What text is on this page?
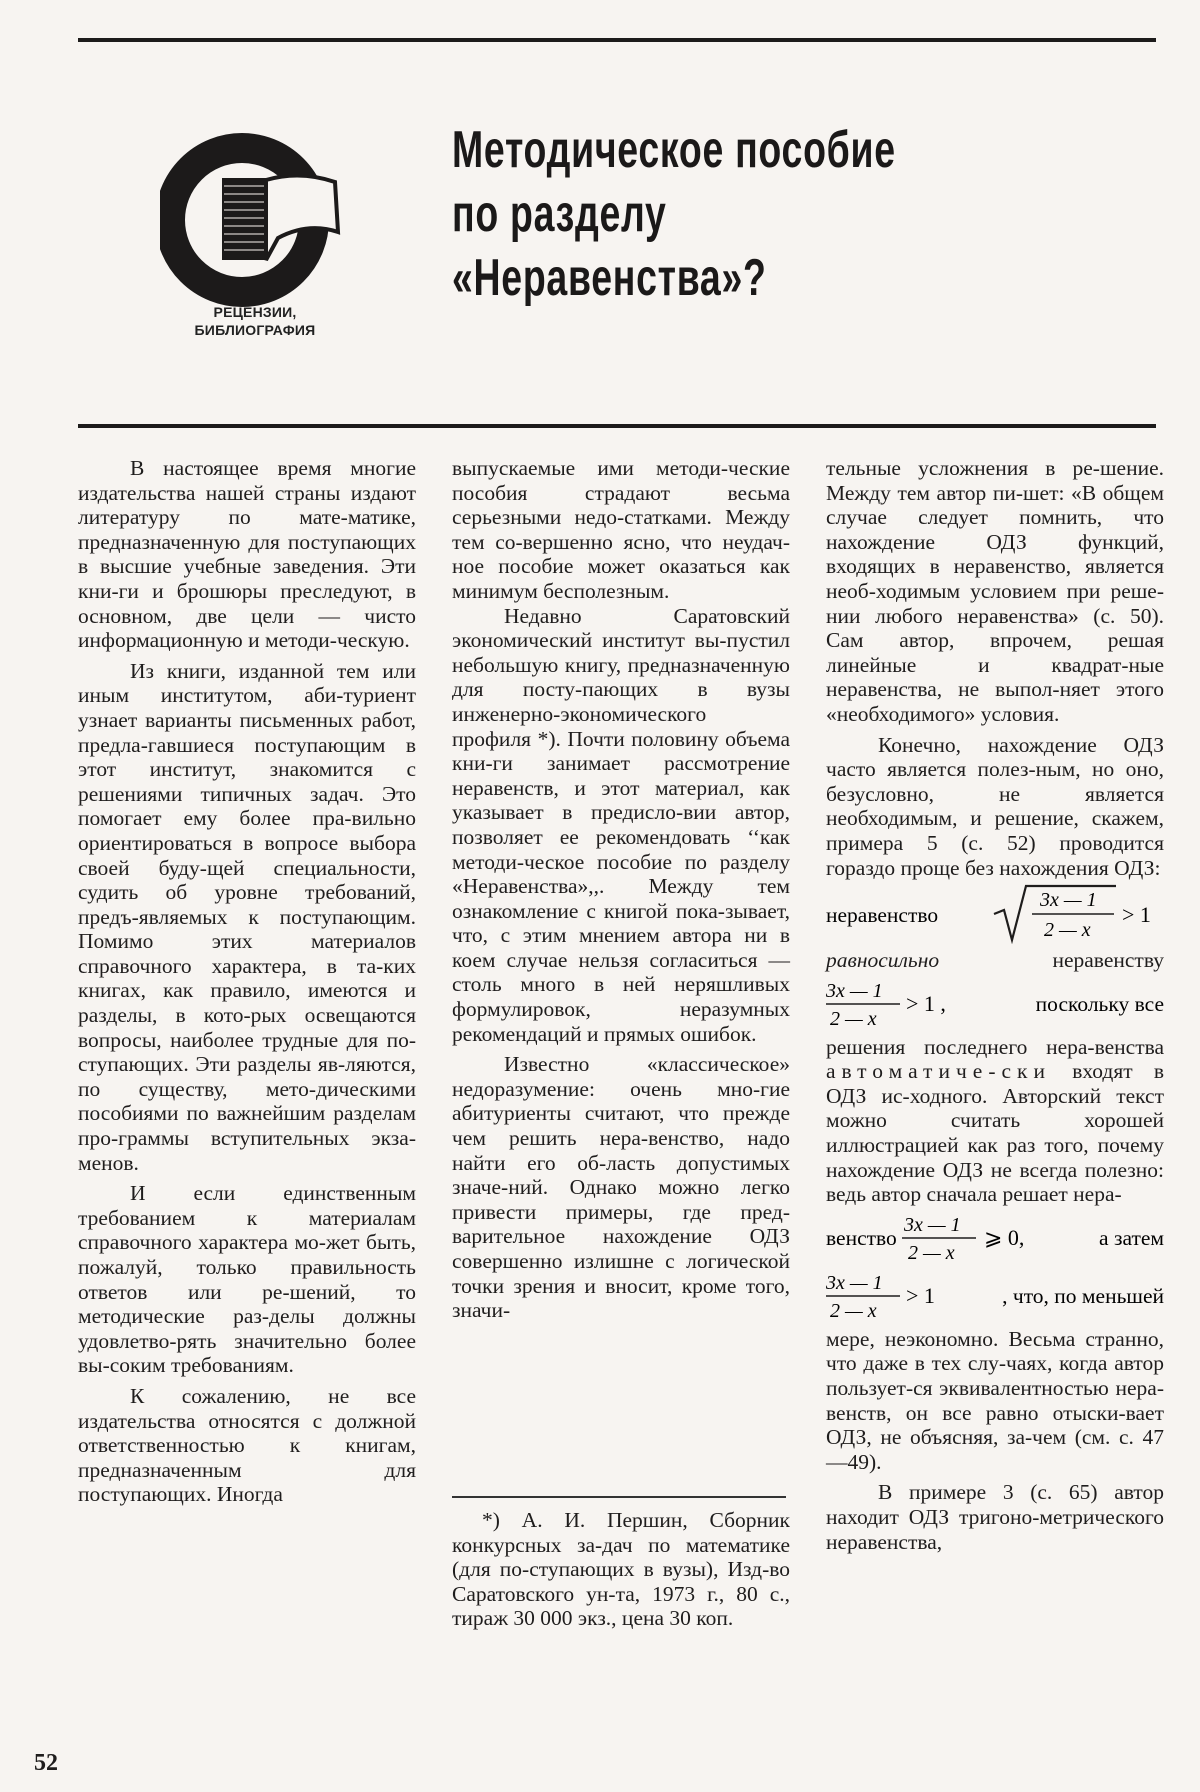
РЕЦЕНЗИИ,
БИБЛИОГРАФИЯ
Методическое пособие
по разделу
«Неравенства»?

В настоящее время многие издательства нашей страны издают литературу по мате-матике, предназначенную для поступающих в высшие учебные заведения. Эти кни-ги и брошюры преследуют, в основном, две цели — чисто информационную и методи-ческую.

Из книги, изданной тем или иным институтом, аби-туриент узнает варианты письменных работ, предла-гавшиеся поступающим в этот институт, знакомится с решениями типичных задач. Это помогает ему более пра-вильно ориентироваться в вопросе выбора своей буду-щей специальности, судить об уровне требований, предъ-являемых к поступающим. Помимо этих материалов справочного характера, в та-ких книгах, как правило, имеются и разделы, в кото-рых освещаются вопросы, наиболее трудные для по-ступающих. Эти разделы яв-ляются, по существу, мето-дическими пособиями по важнейшим разделам про-граммы вступительных экза-менов.

И если единственным требованием к материалам справочного характера мо-жет быть, пожалуй, только правильность ответов или ре-шений, то методические раз-делы должны удовлетво-рять значительно более вы-соким требованиям.

К сожалению, не все издательства относятся с должной ответственностью к книгам, предназначенным для поступающих. Иногда

выпускаемые ими методи-ческие пособия страдают весьма серьезными недо-статками. Между тем со-вершенно ясно, что неудач-ное пособие может оказаться как минимум бесполезным.

Недавно Саратовский экономический институт вы-пустил небольшую книгу, предназначенную для посту-пающих в вузы инженерно-экономического профиля *). Почти половину объема кни-ги занимает рассмотрение неравенств, и этот материал, как указывает в предисло-вии автор, позволяет ее рекомендовать ‘‘как методи-ческое пособие по разделу «Неравенства»,,. Между тем ознакомление с книгой пока-зывает, что, с этим мнением автора ни в коем случае нельзя согласиться — столь много в ней неряшливых формулировок, неразумных рекомендаций и прямых ошибок.

Известно «классическое» недоразумение: очень мно-гие абитуриенты считают, что прежде чем решить нера-венство, надо найти его об-ласть допустимых значе-ний. Однако можно легко привести примеры, где пред-варительное нахождение ОДЗ совершенно излишне с логической точки зрения и вносит, кроме того, значи-

*) А. И. Першин, Сборник конкурсных за-дач по математике (для по-ступающих в вузы), Изд-во Саратовского ун-та, 1973 г., 80 с., тираж 30 000 экз., цена 30 коп.

тельные усложнения в ре-шение. Между тем автор пи-шет: «В общем случае следует помнить, что нахождение ОДЗ функций, входящих в неравенство, является необ-ходимым условием при реше-нии любого неравенства» (с. 50). Сам автор, впрочем, решая линейные и квадрат-ные неравенства, не выпол-няет этого «необходимого» условия.

Конечно, нахождение ОДЗ часто является полез-ным, но оно, безусловно, не является необходимым, и решение, скажем, примера 5 (с. 52) проводится гораздо проще без нахождения ОДЗ:

неравенство
3x — 1
2 — x
> 1

равносильно	неравенству

3x — 1
2 — x
> 1 ,	поскольку все

решения последнего нера-венства автоматиче-ски входят в ОДЗ ис-ходного. Авторский текст можно считать хорошей иллюстрацией как раз того, почему нахождение ОДЗ не всегда полезно: ведь автор сначала решает нера-

венство
3x — 1
2 — x
⩾ 0,	а затем
3x — 1
2 — x
> 1	, что, по меньшей

мере, неэкономно. Весьма странно, что даже в тех слу-чаях, когда автор пользует-ся эквивалентностью нера-венств, он все равно отыски-вает ОДЗ, не объясняя, за-чем (см. с. 47—49).

В примере 3 (с. 65) автор находит ОДЗ тригоно-метрического неравенства,

52
